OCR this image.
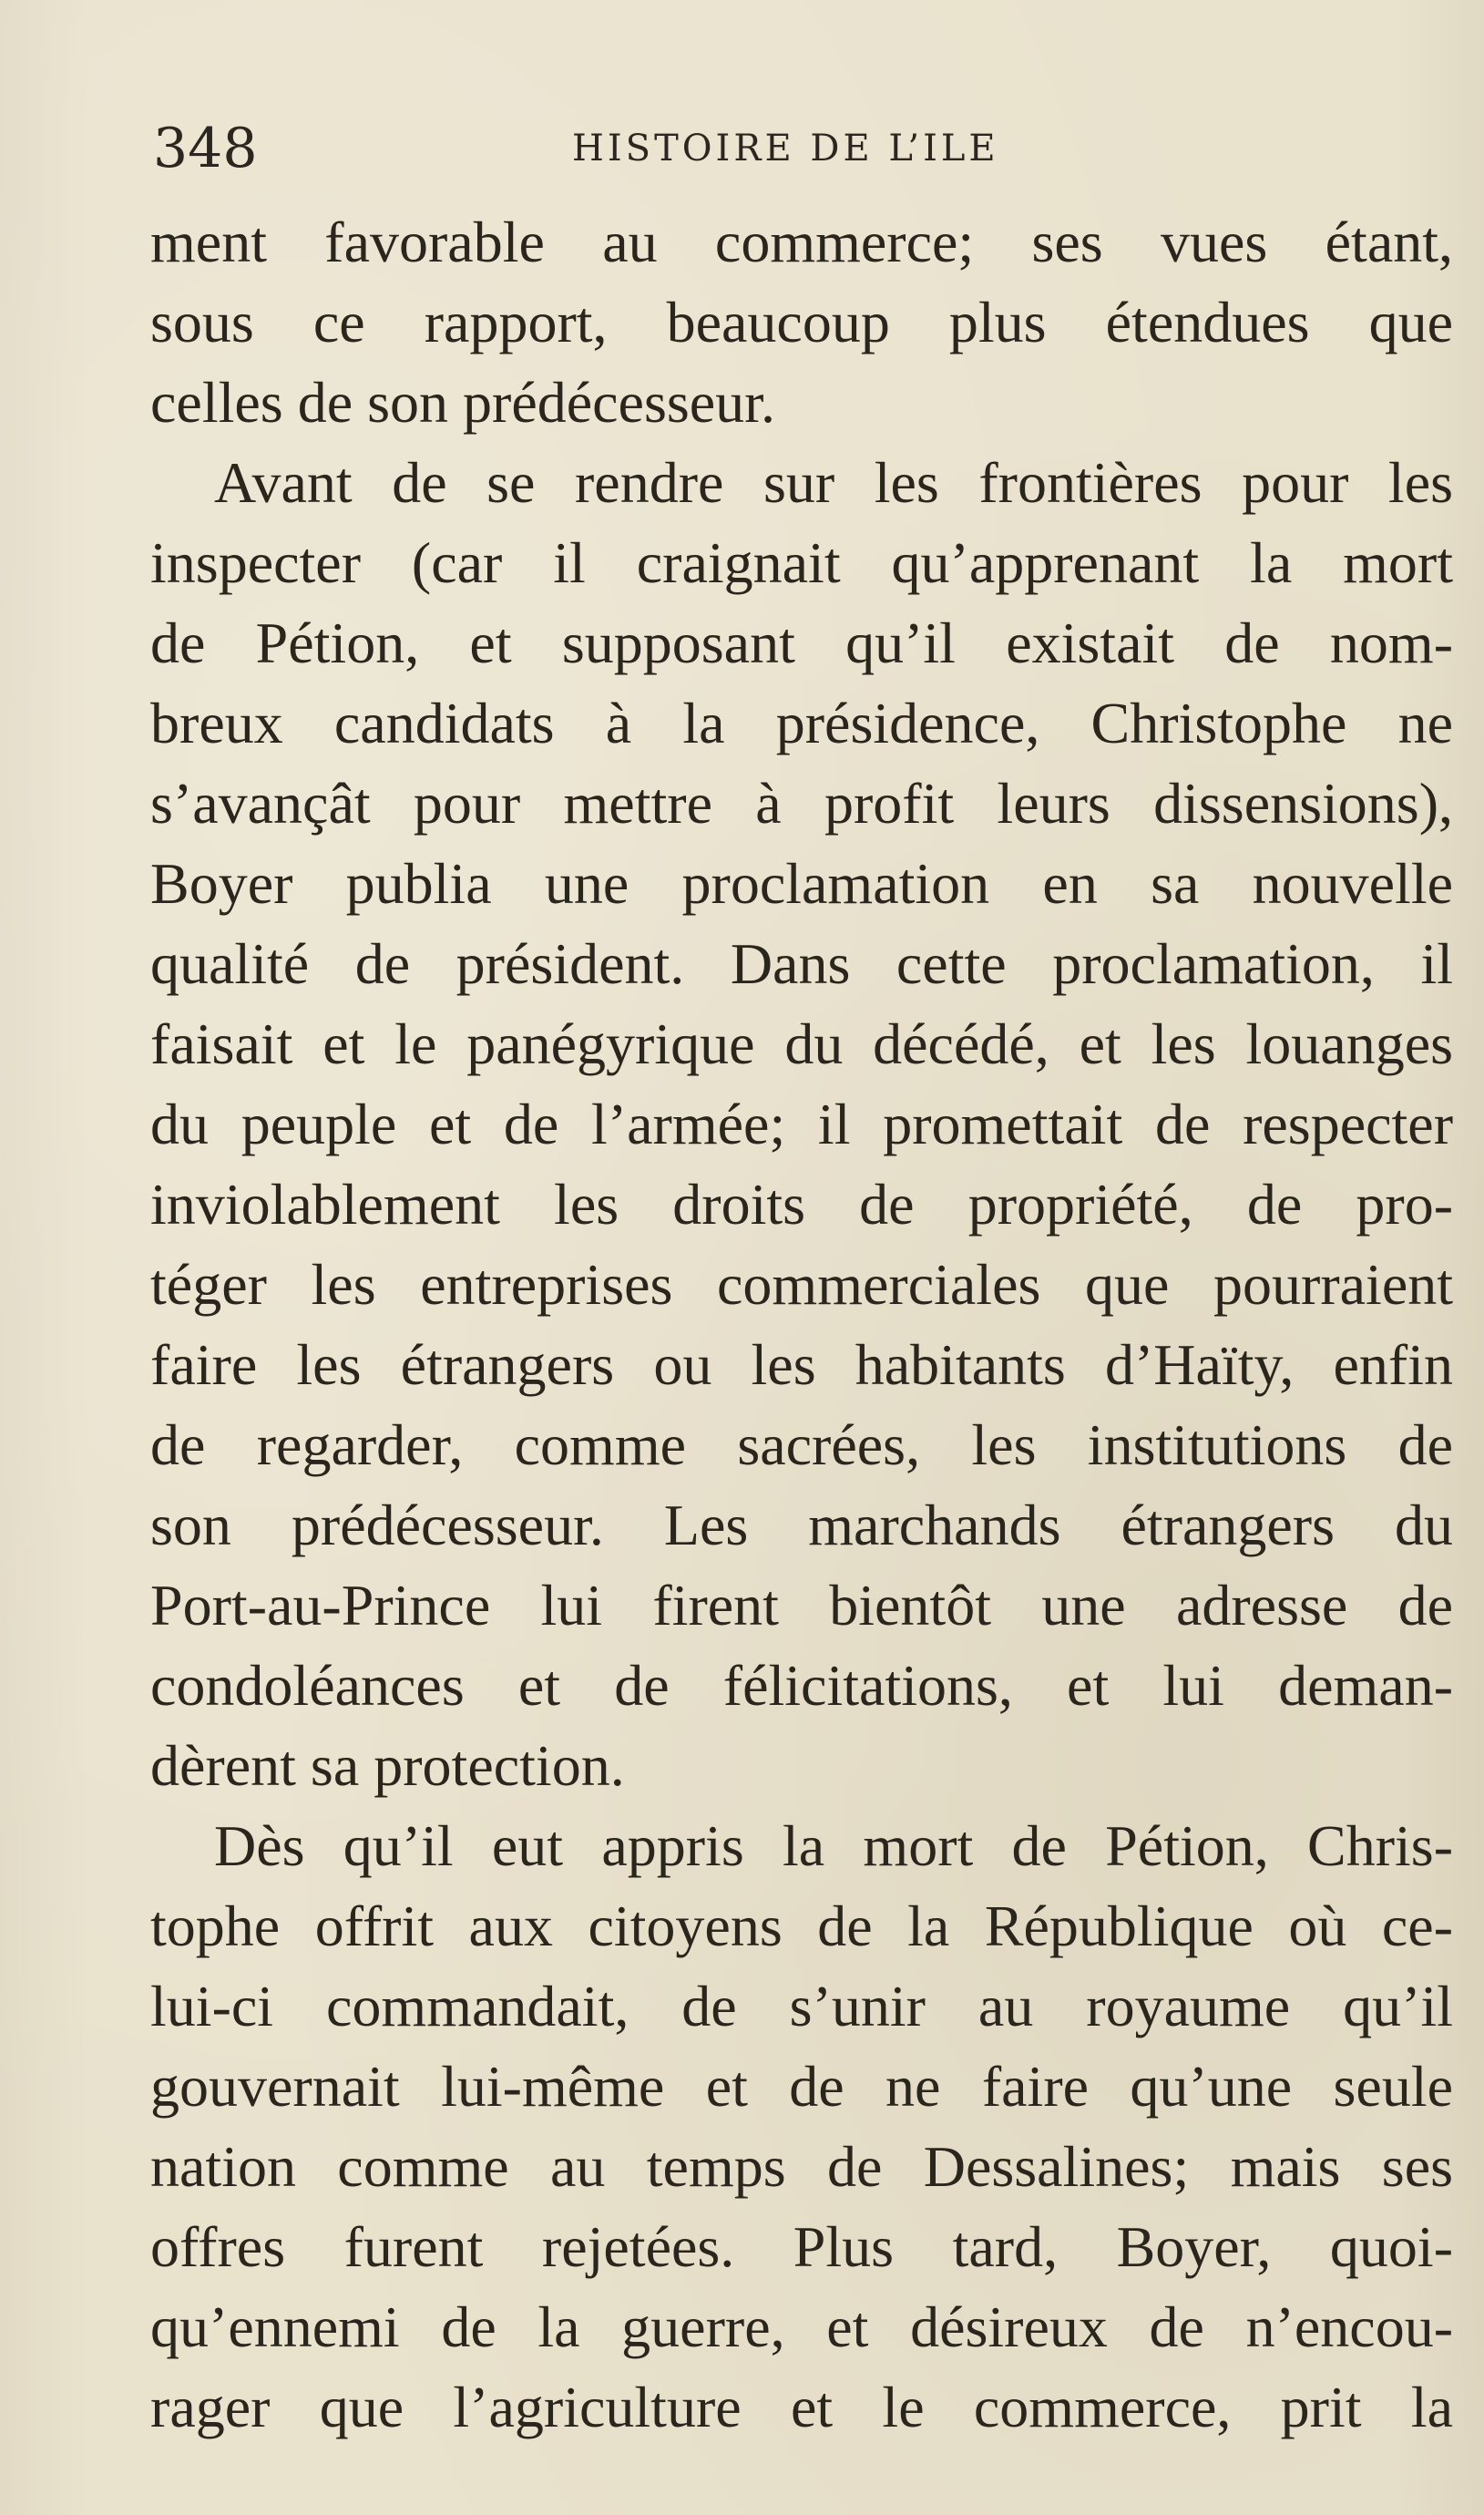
348	HISTOIRE DE L’ILE
ment favorable au commerce; ses vues étant,
sous ce rapport, beaucoup plus étendues que
celles de son prédécesseur.
Avant de se rendre sur les frontières pour les
inspecter (car il craignait qu’apprenant la mort
de Pétion, et supposant qu’il existait de nom-
breux candidats à la présidence, Christophe ne
s’avançât pour mettre à profit leurs dissensions),
Boyer publia une proclamation en sa nouvelle
qualité de président. Dans cette proclamation, il
faisait et le panégyrique du décédé, et les louanges
du peuple et de l’armée; il promettait de respecter
inviolablement les droits de propriété, de pro-
téger les entreprises commerciales que pourraient
faire les étrangers ou les habitants d’Haïty, enfin
de regarder, comme sacrées, les institutions de
son prédécesseur. Les marchands étrangers du
Port-au-Prince lui firent bientôt une adresse de
condoléances et de félicitations, et lui deman-
dèrent sa protection.
Dès qu’il eut appris la mort de Pétion, Chris-
tophe offrit aux citoyens de la République où ce-
lui-ci commandait, de s’unir au royaume qu’il
gouvernait lui-même et de ne faire qu’une seule
nation comme au temps de Dessalines; mais ses
offres furent rejetées. Plus tard, Boyer, quoi-
qu’ennemi de la guerre, et désireux de n’encou-
rager que l’agriculture et le commerce, prit la
